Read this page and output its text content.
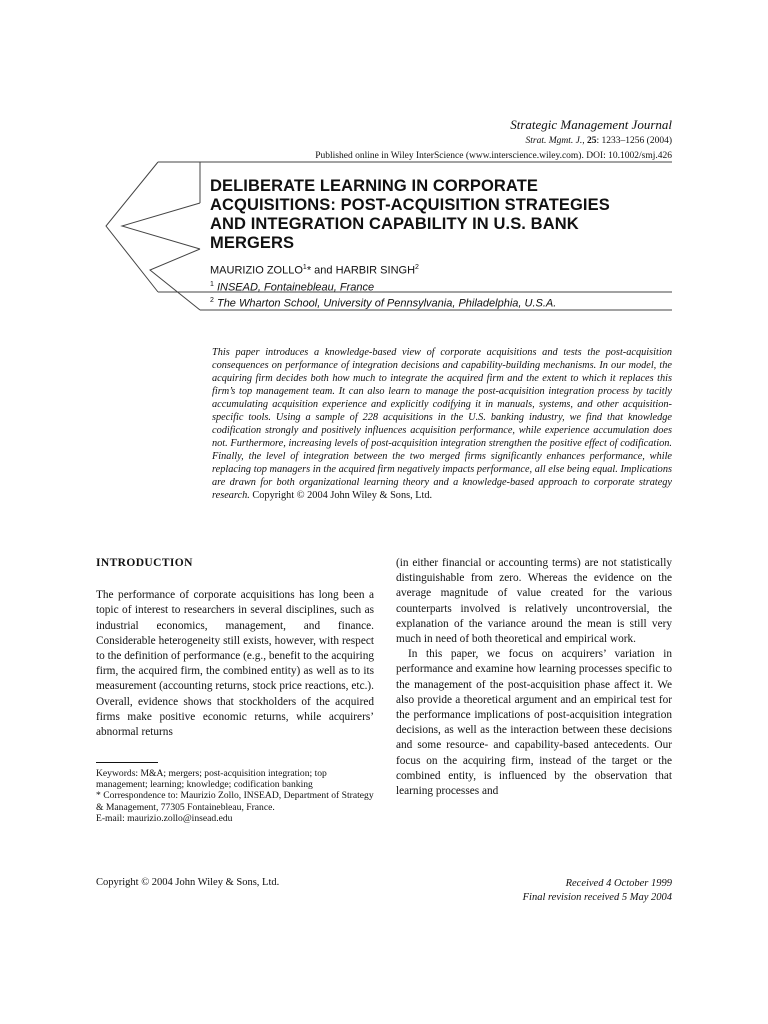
Strategic Management Journal
Strat. Mgmt. J., 25: 1233–1256 (2004)
Published online in Wiley InterScience (www.interscience.wiley.com). DOI: 10.1002/smj.426
DELIBERATE LEARNING IN CORPORATE
ACQUISITIONS: POST-ACQUISITION STRATEGIES
AND INTEGRATION CAPABILITY IN U.S. BANK
MERGERS
MAURIZIO ZOLLO$^1$* and HARBIR SINGH$^2$
$^1$ INSEAD, Fontainebleau, France
$^2$ The Wharton School, University of Pennsylvania, Philadelphia, U.S.A.
This paper introduces a knowledge-based view of corporate acquisitions and tests the post-acquisition consequences on performance of integration decisions and capability-building mechanisms. In our model, the acquiring firm decides both how much to integrate the acquired firm and the extent to which it replaces this firm’s top management team. It can also learn to manage the post-acquisition integration process by tacitly accumulating acquisition experience and explicitly codifying it in manuals, systems, and other acquisition-specific tools. Using a sample of 228 acquisitions in the U.S. banking industry, we find that knowledge codification strongly and positively influences acquisition performance, while experience accumulation does not. Furthermore, increasing levels of post-acquisition integration strengthen the positive effect of codification. Finally, the level of integration between the two merged firms significantly enhances performance, while replacing top managers in the acquired firm negatively impacts performance, all else being equal. Implications are drawn for both organizational learning theory and a knowledge-based approach to corporate strategy research. Copyright © 2004 John Wiley & Sons, Ltd.
INTRODUCTION

The performance of corporate acquisitions has long been a topic of interest to researchers in several disciplines, such as industrial economics, management, and finance. Considerable heterogeneity still exists, however, with respect to the definition of performance (e.g., benefit to the acquiring firm, the acquired firm, the combined entity) as well as to its measurement (accounting returns, stock price reactions, etc.). Overall, evidence shows that stockholders of the acquired firms make positive economic returns, while acquirers’ abnormal returns

(in either financial or accounting terms) are not statistically distinguishable from zero. Whereas the evidence on the average magnitude of value created for the various counterparts involved is relatively uncontroversial, the explanation of the variance around the mean is still very much in need of both theoretical and empirical work.

In this paper, we focus on acquirers’ variation in performance and examine how learning processes specific to the management of the post-acquisition phase affect it. We also provide a theoretical argument and an empirical test for the performance implications of post-acquisition integration decisions, as well as the interaction between these decisions and some resource- and capability-based antecedents. Our focus on the acquiring firm, instead of the target or the combined entity, is influenced by the observation that learning processes and

Keywords: M&A; mergers; post-acquisition integration; top management; learning; knowledge; codification banking
* Correspondence to: Maurizio Zollo, INSEAD, Department of Strategy & Management, 77305 Fontainebleau, France.
E-mail: maurizio.zollo@insead.edu
Copyright © 2004 John Wiley & Sons, Ltd.	Received 4 October 1999
Final revision received 5 May 2004
